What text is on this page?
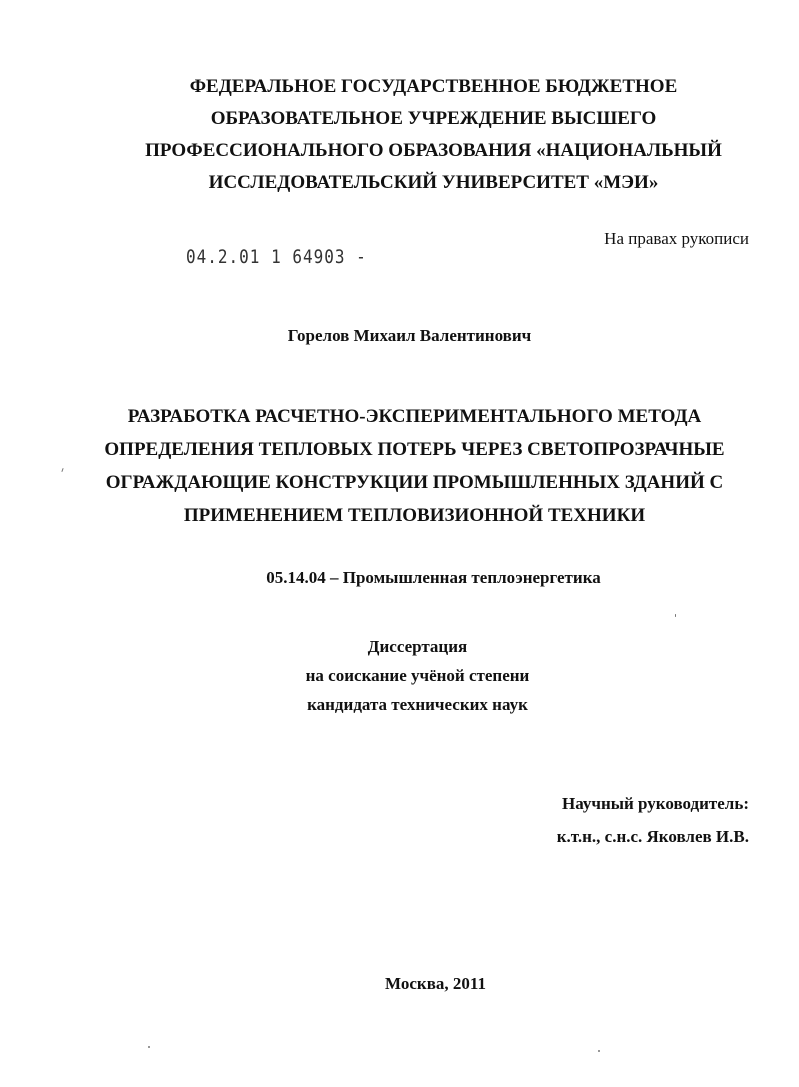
ФЕДЕРАЛЬНОЕ ГОСУДАРСТВЕННОЕ БЮДЖЕТНОЕ
ОБРАЗОВАТЕЛЬНОЕ УЧРЕЖДЕНИЕ ВЫСШЕГО
ПРОФЕССИОНАЛЬНОГО ОБРАЗОВАНИЯ «НАЦИОНАЛЬНЫЙ
ИССЛЕДОВАТЕЛЬСКИЙ УНИВЕРСИТЕТ «МЭИ»
На правах рукописи
04.2.01 1 64903 -
Горелов Михаил Валентинович
РАЗРАБОТКА РАСЧЕТНО-ЭКСПЕРИМЕНТАЛЬНОГО МЕТОДА
ОПРЕДЕЛЕНИЯ ТЕПЛОВЫХ ПОТЕРЬ ЧЕРЕЗ СВЕТОПРОЗРАЧНЫЕ
ОГРАЖДАЮЩИЕ КОНСТРУКЦИИ ПРОМЫШЛЕННЫХ ЗДАНИЙ С
ПРИМЕНЕНИЕМ ТЕПЛОВИЗИОННОЙ ТЕХНИКИ
05.14.04 – Промышленная теплоэнергетика
Диссертация
на соискание учёной степени
кандидата технических наук
Научный руководитель:
к.т.н., с.н.с. Яковлев И.В.
Москва, 2011
